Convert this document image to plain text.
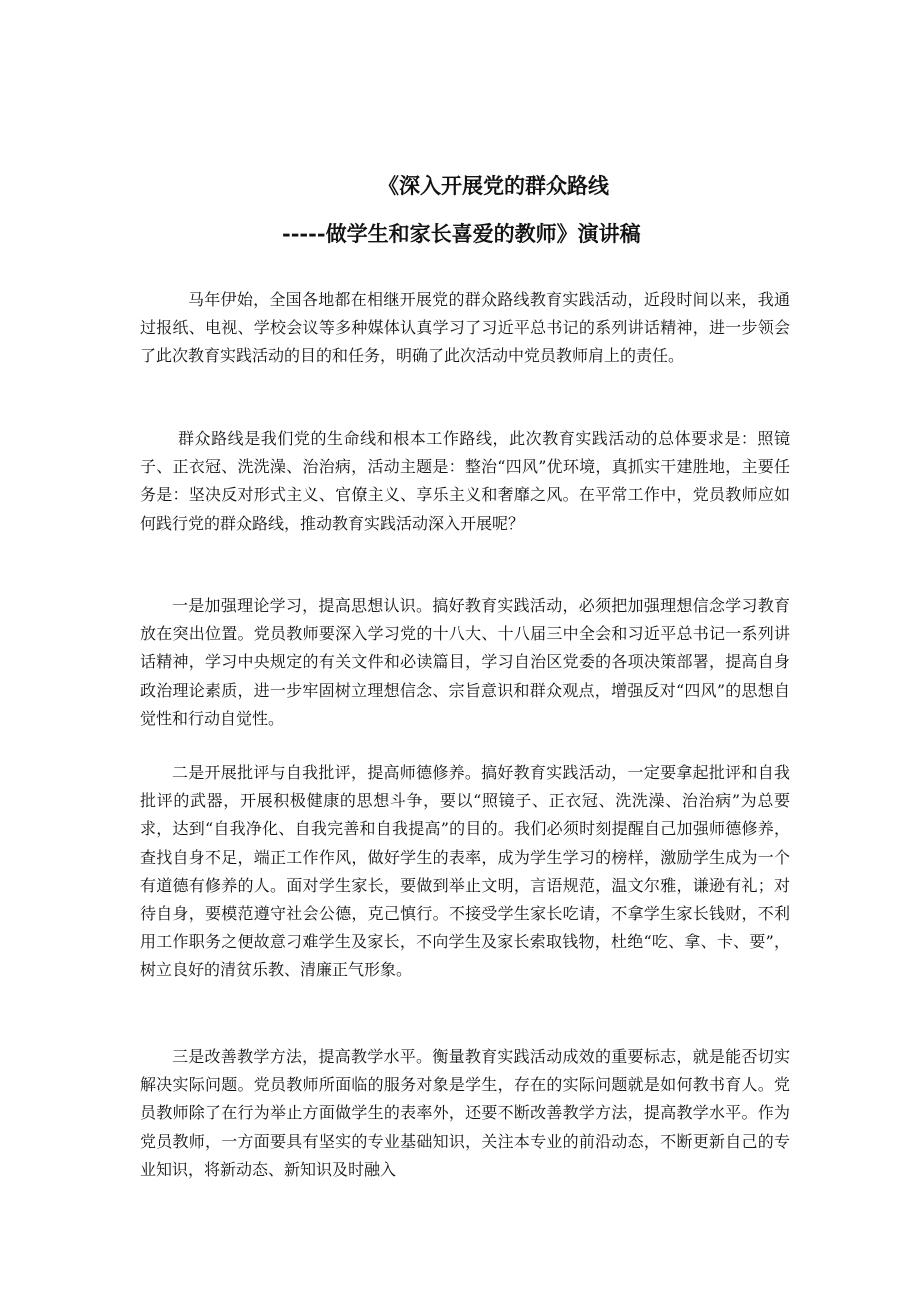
《深入开展党的群众路线
-----做学生和家长喜爱的教师》演讲稿

马年伊始，全国各地都在相继开展党的群众路线教育实践活动，近段时间以来，我通过报纸、电视、学校会议等多种媒体认真学习了习近平总书记的系列讲话精神，进一步领会了此次教育实践活动的目的和任务，明确了此次活动中党员教师肩上的责任。

群众路线是我们党的生命线和根本工作路线，此次教育实践活动的总体要求是：照镜子、正衣冠、洗洗澡、治治病，活动主题是：整治“四风”优环境，真抓实干建胜地，主要任务是：坚决反对形式主义、官僚主义、享乐主义和奢靡之风。在平常工作中，党员教师应如何践行党的群众路线，推动教育实践活动深入开展呢？

一是加强理论学习，提高思想认识。搞好教育实践活动，必须把加强理想信念学习教育放在突出位置。党员教师要深入学习党的十八大、十八届三中全会和习近平总书记一系列讲话精神，学习中央规定的有关文件和必读篇目，学习自治区党委的各项决策部署，提高自身政治理论素质，进一步牢固树立理想信念、宗旨意识和群众观点，增强反对“四风”的思想自觉性和行动自觉性。

二是开展批评与自我批评，提高师德修养。搞好教育实践活动，一定要拿起批评和自我批评的武器，开展积极健康的思想斗争，要以“照镜子、正衣冠、洗洗澡、治治病”为总要求，达到“自我净化、自我完善和自我提高”的目的。我们必须时刻提醒自己加强师德修养，查找自身不足，端正工作作风，做好学生的表率，成为学生学习的榜样，激励学生成为一个有道德有修养的人。面对学生家长，要做到举止文明，言语规范，温文尔雅，谦逊有礼；对待自身，要模范遵守社会公德，克己慎行。不接受学生家长吃请，不拿学生家长钱财，不利用工作职务之便故意刁难学生及家长，不向学生及家长索取钱物，杜绝“吃、拿、卡、要”，树立良好的清贫乐教、清廉正气形象。

三是改善教学方法，提高教学水平。衡量教育实践活动成效的重要标志，就是能否切实解决实际问题。党员教师所面临的服务对象是学生，存在的实际问题就是如何教书育人。党员教师除了在行为举止方面做学生的表率外，还要不断改善教学方法，提高教学水平。作为党员教师，一方面要具有坚实的专业基础知识，关注本专业的前沿动态，不断更新自己的专业知识，将新动态、新知识及时融入
